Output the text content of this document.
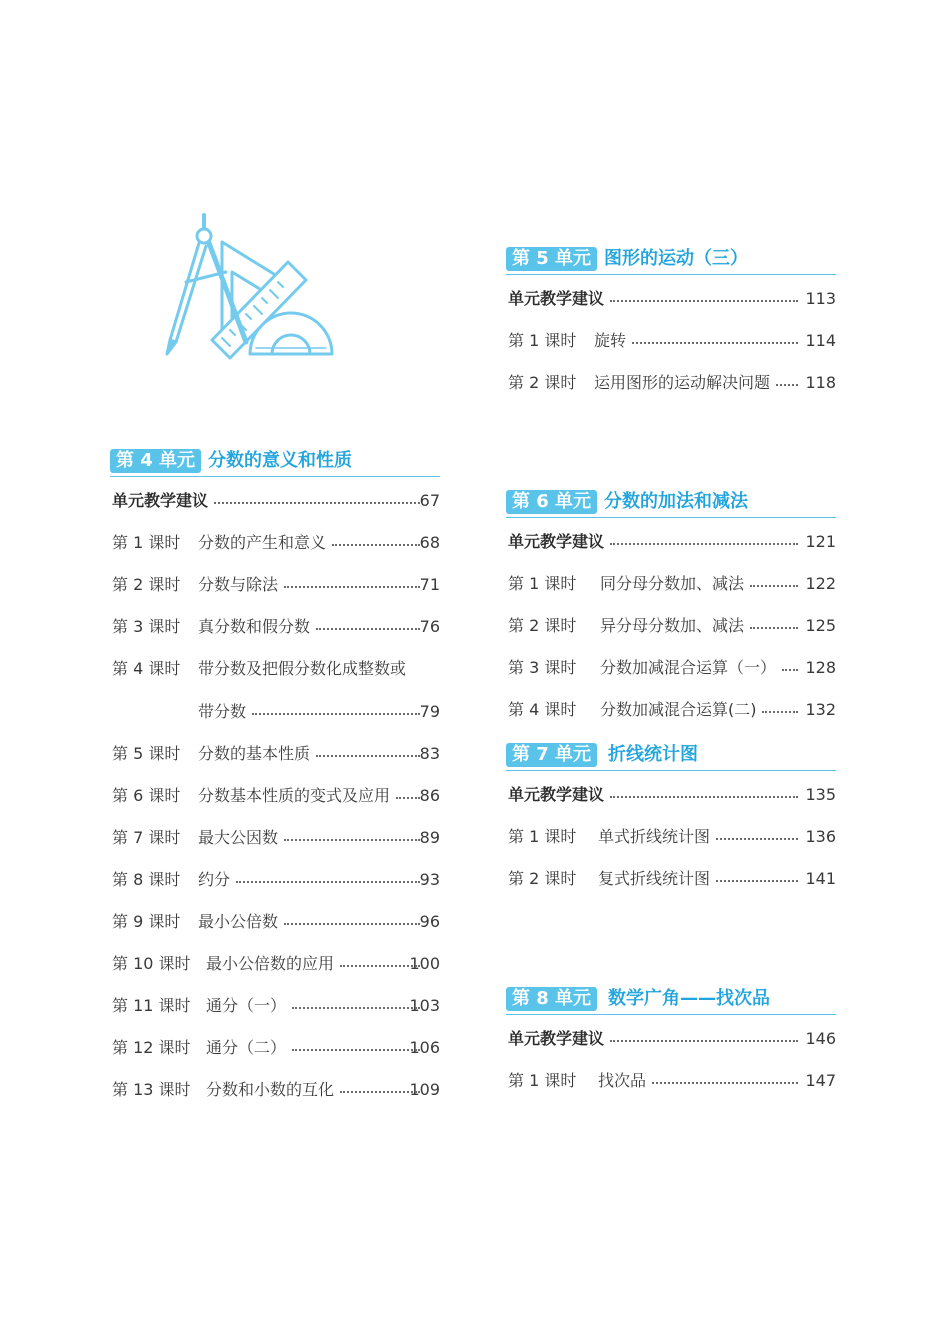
第 4 单元 分数的意义和性质
单元教学建议	67
第 1 课时 分数的产生和意义	68
第 2 课时 分数与除法	71
第 3 课时 真分数和假分数	76
第 4 课时 带分数及把假分数化成整数或
带分数	79
第 5 课时 分数的基本性质	83
第 6 课时 分数基本性质的变式及应用 86
第 7 课时 最大公因数	89
第 8 课时 约分	93
第 9 课时 最小公倍数	96
第 10 课时 最小公倍数的应用	100
第 11 课时 通分（一）	103
第 12 课时 通分（二）	106
第 13 课时 分数和小数的互化	109
第 5 单元 图形的运动（三）
单元教学建议	113
第 1 课时 旋转	114
第 2 课时 运用图形的运动解决问题 118
第 6 单元 分数的加法和减法
单元教学建议	121
第 1 课时 同分母分数加、减法	122
第 2 课时 异分母分数加、减法	125
第 3 课时 分数加减混合运算（一） 128
第 4 课时 分数加减混合运算(二)	132
第 7 单元 折线统计图
单元教学建议	135
第 1 课时 单式折线统计图	136
第 2 课时 复式折线统计图	141
第 8 单元 数学广角——找次品
单元教学建议	146
第 1 课时 找次品	147
